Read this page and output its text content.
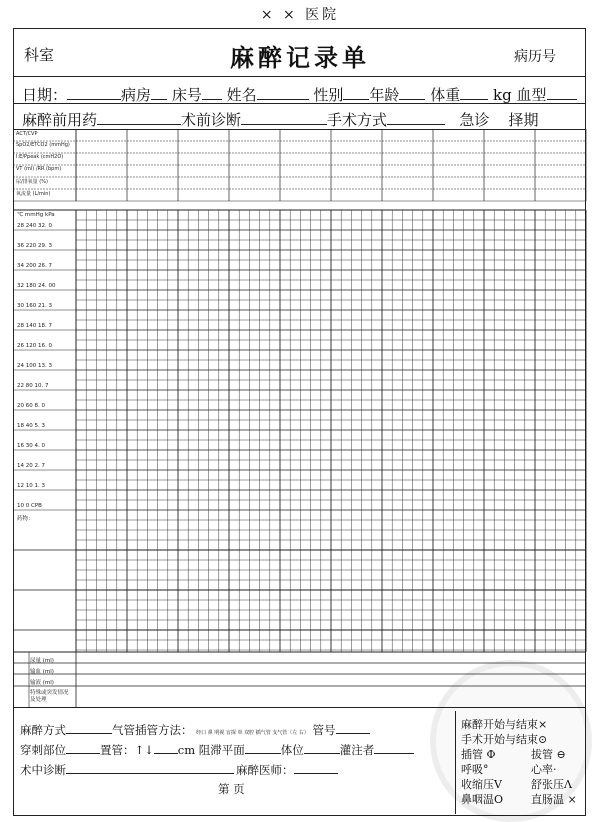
× × 医院
科室	麻醉记录单	病历号
日期：	病房 床号 姓名	性别 年龄 体重 kg 血型
麻醉前用药	术前诊断	手术方式	急诊 择期
ACT/CVP
SpO2/ETCO2 (mmHg)
I:E/Ppeak (cmH2O)
VT (ml) /RR (bpm)
尿/排氧量 (%)
氧流量 (L/min)
℃ mmHg kPa
28 240 32. 0
36 220 29. 3
34 200 26. 7
32 180 24. 00
30 160 21. 3
28 140 18. 7
26 120 16. 0
24 100 13. 3
22 80 10. 7
20 60 8. 0
18 40 5. 3
16 30 4. 0
14 20 2. 7
12 10 1. 3
10 0 CPB
药物：
尿量 (ml)
输血 (ml)
输液 (ml)
特殊或突发情况及处理
麻醉方式	气管插管方法： 经口 鼻 明视 盲探 单 双腔 插气管 支气管（左 右） 管号
穿刺部位	置管：↑↓ cm 阻滞平面	体位	灌注者
术中诊断	麻醉医师：
第 页
麻醉开始与结束×
手术开始与结束⊙
插管 Φ	拔管 ⊖
呼吸°	心率·
收缩压V	舒张压Λ
鼻咽温O	直肠温 ×
